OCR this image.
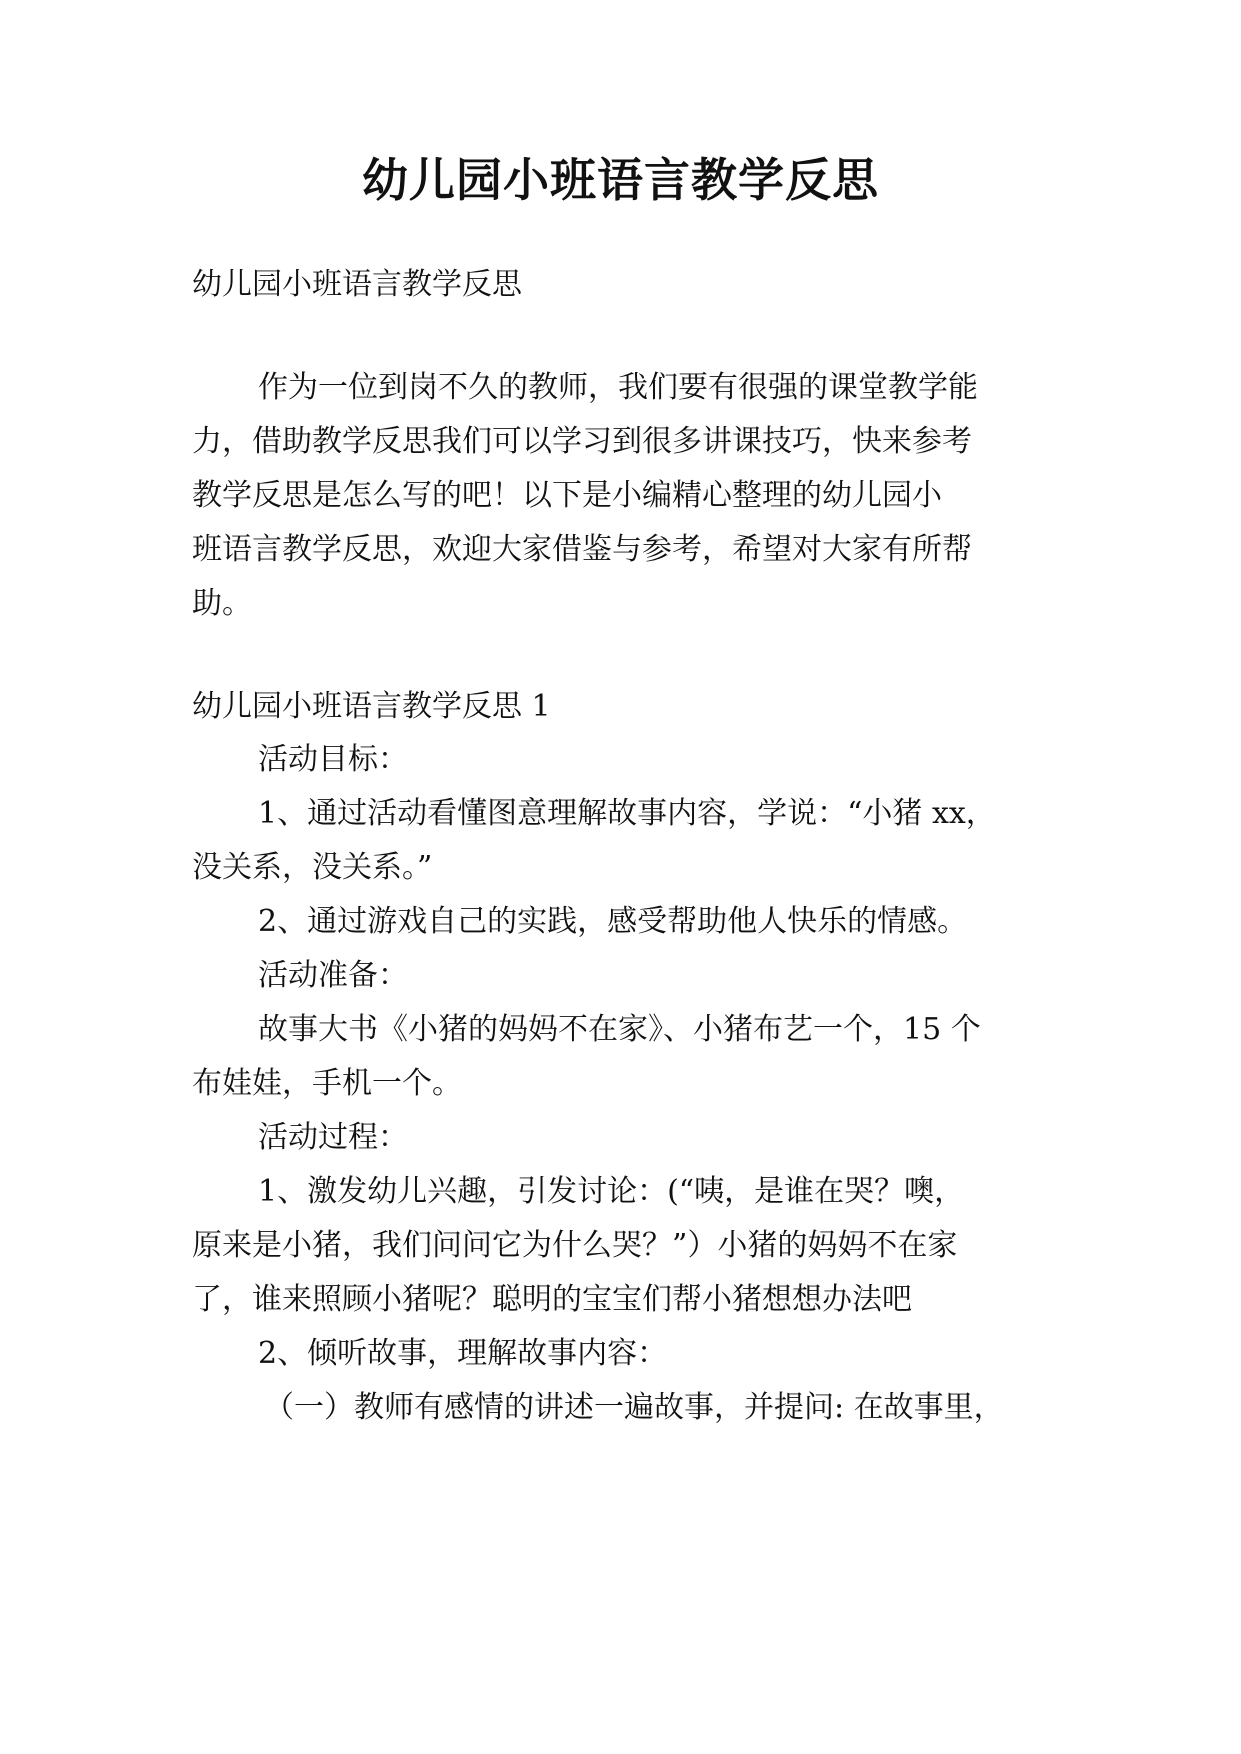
幼儿园小班语言教学反思
幼儿园小班语言教学反思
作为一位到岗不久的教师，我们要有很强的课堂教学能
力，借助教学反思我们可以学习到很多讲课技巧，快来参考
教学反思是怎么写的吧！以下是小编精心整理的幼儿园小
班语言教学反思，欢迎大家借鉴与参考，希望对大家有所帮
助。
幼儿园小班语言教学反思 1
活动目标：
1、通过活动看懂图意理解故事内容，学说：“小猪 xx，
没关系，没关系。”
2、通过游戏自己的实践，感受帮助他人快乐的情感。
活动准备：
故事大书《小猪的妈妈不在家》、小猪布艺一个，15 个
布娃娃，手机一个。
活动过程：
1、激发幼儿兴趣，引发讨论：(“咦，是谁在哭？噢，
原来是小猪，我们问问它为什么哭？”）小猪的妈妈不在家
了，谁来照顾小猪呢？聪明的宝宝们帮小猪想想办法吧
2、倾听故事，理解故事内容：
（一）教师有感情的讲述一遍故事，并提问: 在故事里，
